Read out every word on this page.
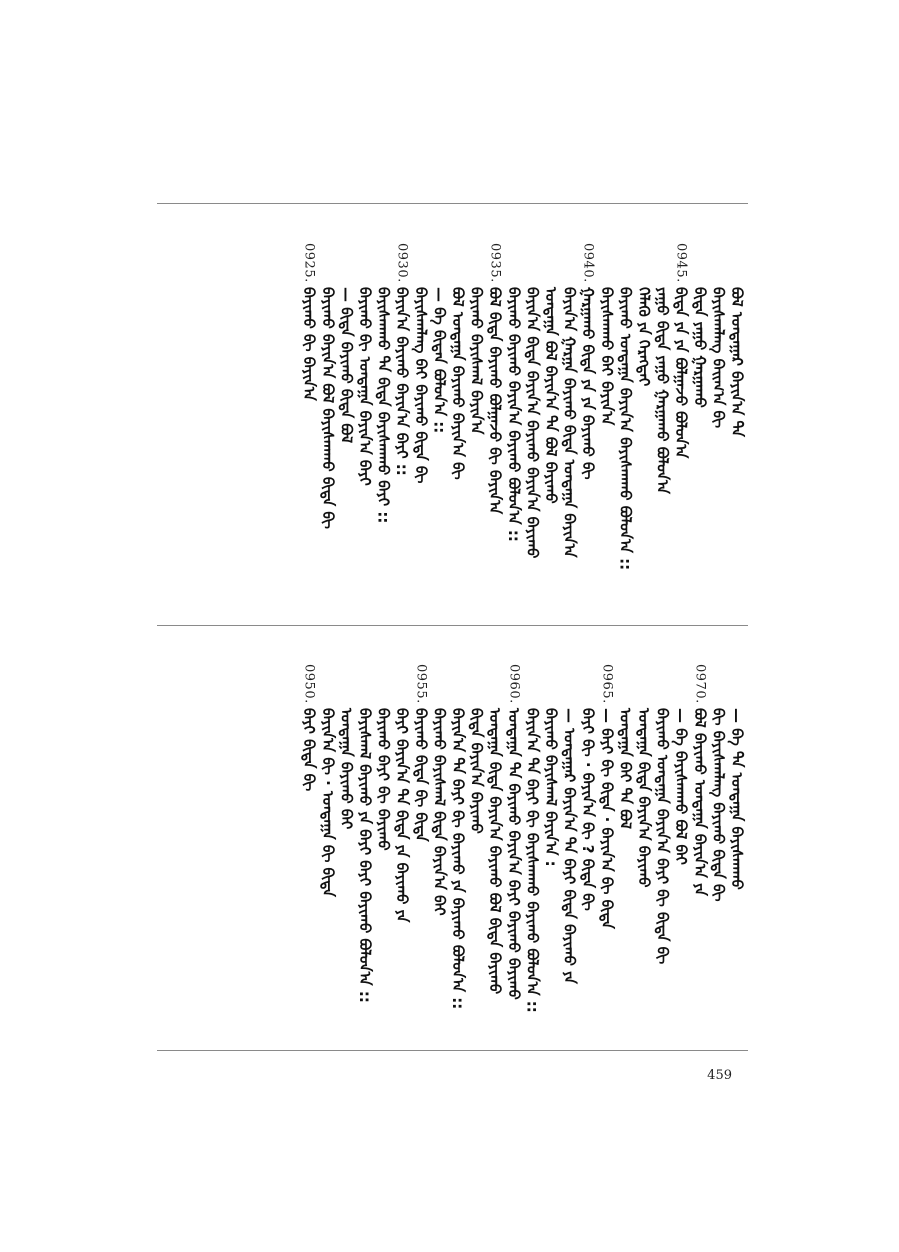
ᠪᠣᠯ ᠤᠨᠲᠠᠭᠠᠷ ᠪᠠᠶᠢᠨ᠎ᠠ ᠲᠡ
ᠪᠠᠶᠢᠰᠬᠠᠯᠠᠩ ᠪᠠᠢᠭ᠎ᠠ ᠪᠢ
ᠪᠢᠳᠡ ᠶᠠᠭᠤ ᠭᠠᠷᠭᠠᠬᠤ
0945.
ᠪᠢᠳᠡ ᠶᠠ ᠶᠠ ᠪᠣᠯᠭᠠᠵᠤ ᠪᠣᠯᠤᠨ᠎ᠠ
ᠶᠠᠭᠤ ᠪᠢᠳᠡ ᠶᠠᠭᠤ ᠭᠠᠷᠭᠠᠬᠤ ᠪᠣᠯᠤᠨ᠎ᠠ
ᠬᠡᠯᠡᠬᠦ ᠶᠠ ᠬᠡᠷᠡᠭᠲᠡᠢ
ᠪᠠᠶᠢᠬᠤ ᠤᠨᠲᠠᠭᠠ ᠪᠠᠶᠢᠨ᠎ᠠ ᠪᠠᠶᠢᠰᠬᠠᠬᠤ ᠪᠣᠯᠤᠨ᠎ᠠ ::
ᠪᠠᠶᠢᠰᠬᠠᠬᠤ ᠪᠠᠢ ᠪᠠᠶᠢᠨ᠎ᠠ
0940.
ᠭᠠᠷᠭᠠᠬᠤ ᠪᠢᠳᠡ ᠶᠠ ᠶᠠ ᠪᠠᠶᠢᠬᠤ ᠪᠢ
ᠪᠠᠶᠢᠨ᠎ᠠ ᠭᠠᠷᠭᠠ ᠪᠠᠶᠢᠬᠤ ᠪᠢᠳᠡ ᠤᠨᠲᠠᠭᠠ ᠪᠠᠶᠢᠨ᠎ᠠ
ᠤᠨᠲᠠᠭᠠ ᠪᠣᠯ ᠪᠠᠶᠢᠨ᠎ᠠ ᠲᠡ ᠪᠣᠯ ᠪᠠᠶᠢᠬᠤ
ᠪᠠᠶᠢᠨ᠎ᠠ ᠪᠢᠳᠡ ᠪᠠᠶᠢᠨ᠎ᠠ ᠪᠠᠶᠢᠬᠤ ᠪᠠᠶᠢᠨ᠎ᠠ ᠪᠠᠶᠢᠬᠤ
ᠪᠠᠶᠢᠬᠤ ᠪᠠᠶᠢᠬᠤ ᠪᠠᠶᠢᠨ᠎ᠠ ᠪᠠᠶᠢᠬᠤ ᠪᠣᠯᠤᠨ᠎ᠠ ::
0935.
ᠪᠣᠯ ᠪᠢᠳᠡ ᠪᠠᠶᠢᠬᠤ ᠪᠣᠯᠭᠠᠵᠤ ᠪᠢ ᠪᠠᠶᠢᠨ᠎ᠠ
ᠪᠠᠶᠢᠬᠤ ᠪᠠᠶᠢᠰᠬᠠᠯ ᠪᠠᠶᠢᠨ᠎ᠠ
ᠪᠣᠯ ᠤᠨᠲᠠᠭᠠ ᠪᠠᠶᠢᠬᠤ ᠪᠠᠶᠢᠨ᠎ᠠ ᠪᠢ
— ᠪᠠ ᠪᠢᠳᠡᠨ ᠪᠣᠯᠤᠨ᠎ᠠ ::
ᠪᠠᠶᠢᠰᠬᠠᠯᠠᠩ ᠪᠠᠢ ᠪᠠᠶᠢᠬᠤ ᠪᠢᠳᠡ ᠪᠢ
0930.
ᠪᠠᠶᠢᠨ᠎ᠠ ᠪᠠᠶᠢᠬᠤ ᠪᠠᠶᠢᠨ᠎ᠠ ᠪᠠᠶᠢ ::
ᠪᠠᠶᠢᠰᠬᠠᠬᠤ ᠲᠡ ᠪᠢᠳᠡ ᠪᠠᠶᠢᠰᠬᠠᠬᠤ ᠪᠠᠶᠢ ::
ᠪᠠᠶᠢᠬᠤ ᠪᠢ ᠤᠨᠲᠠᠭᠠ ᠪᠠᠶᠢᠨ᠎ᠠ ᠪᠠᠶᠢ
— ᠪᠢᠳᠡ ᠪᠠᠶᠢᠬᠤ ᠪᠢᠳᠡ ᠪᠣᠯ
ᠪᠠᠶᠢᠬᠤ ᠪᠠᠶᠢᠨ᠎ᠠ ᠪᠣᠯ ᠪᠠᠶᠢᠰᠬᠠᠬᠤ ᠪᠢᠳᠡ ᠪᠢ
0925.
ᠪᠠᠶᠢᠬᠤ ᠪᠢ ᠪᠠᠶᠢᠨ᠎ᠠ
— ᠪᠠ ᠲᠡ ᠤᠨᠲᠠᠭᠠ ᠪᠠᠶᠢᠰᠬᠠᠬᠤ
ᠪᠢ ᠪᠠᠶᠢᠰᠬᠠᠯᠠᠩ ᠪᠠᠶᠢᠬᠤ ᠪᠢᠳᠡ ᠪᠢ
0970.
ᠪᠣᠯ ᠪᠠᠶᠢᠬᠤ ᠤᠨᠲᠠᠭᠠ ᠪᠠᠶᠢᠨ᠎ᠠ ᠶᠠ
— ᠪᠠ ᠪᠠᠶᠢᠰᠬᠠᠬᠤ ᠪᠣᠯ ᠪᠠᠶ
ᠪᠠᠶᠢᠬᠤ ᠤᠨᠲᠠᠭᠠ ᠪᠠᠶᠢᠨ᠎ᠠ ᠪᠠᠶᠢ ᠪᠢ ᠪᠢᠳᠡ ᠪᠢ
ᠤᠨᠲᠠᠭᠠ ᠪᠢᠳᠡ ᠪᠠᠶᠢᠨ᠎ᠠ ᠪᠠᠶᠢᠬᠤ
ᠤᠨᠲᠠᠭᠠ ᠪᠠᠢ ᠲᠡ ᠪᠣᠯ
0965.
— ᠪᠠᠶᠢ ᠪᠢ ᠪᠢᠳᠡ · ᠪᠠᠶᠢᠨ᠎ᠠ ᠪᠢ ᠪᠢᠳᠡ
ᠪᠠᠶᠢ ᠪᠢ · ᠪᠠᠶᠢᠨ᠎ᠠ ᠪᠢ ? ᠪᠢᠳᠡ ᠪᠢ
— ᠤᠨᠲᠠᠭᠠᠷ ᠪᠠᠶᠢᠨ᠎ᠠ ᠲᠡ ᠪᠠᠶᠢ ᠪᠢᠳᠡ ᠪᠠᠶᠢᠬᠤ ᠶᠠ
ᠪᠠᠶᠢᠬᠤ ᠪᠠᠶᠢᠰᠬᠠᠯ ᠪᠠᠶᠢᠨ᠎ᠠ :
ᠪᠠᠶᠢᠨ᠎ᠠ ᠲᠡ ᠪᠠᠶᠢ ᠪᠢ ᠪᠠᠶᠢᠰᠬᠠᠬᠤ ᠪᠠᠶᠢᠬᠤ ᠪᠣᠯᠤᠨ᠎ᠠ ::
0960.
ᠤᠨᠲᠠᠭᠠ ᠲᠡ ᠪᠠᠶᠢᠬᠤ ᠪᠠᠶᠢᠨ᠎ᠠ ᠪᠠᠶᠢ ᠪᠠᠶᠢᠬᠤ ᠪᠠᠶᠢᠬᠤ
ᠤᠨᠲᠠᠭᠠ ᠪᠢᠳᠡ ᠪᠠᠶᠢᠨ᠎ᠠ ᠪᠠᠶᠢᠬᠤ ᠪᠣᠯ ᠪᠢᠳᠡ ᠪᠠᠶᠢᠬᠤ
ᠪᠢᠳᠡ ᠪᠠᠶᠢᠨ᠎ᠠ ᠪᠠᠶᠢᠬᠤ
ᠪᠠᠶᠢᠨ᠎ᠠ ᠲᠡ ᠪᠠᠶᠢ ᠪᠢ ᠪᠠᠶᠢᠬᠤ ᠶᠠ ᠪᠠᠶᠢᠬᠤ ᠪᠣᠯᠤᠨ᠎ᠠ ::
ᠪᠠᠶᠢᠬᠤ ᠪᠠᠶᠢᠰᠬᠠᠯ ᠪᠢᠳᠡ ᠪᠠᠶᠢᠨ᠎ᠠ ᠪᠠᠶ
0955.
ᠪᠠᠶᠢᠬᠤ ᠪᠢᠳᠡ ᠪᠢ ᠪᠢᠳᠡ
ᠪᠠᠶᠢ ᠪᠠᠶᠢᠨ᠎ᠠ ᠲᠡ ᠪᠢᠳᠡ ᠶᠠ ᠪᠠᠶᠢᠬᠤ ᠶᠠ
ᠪᠠᠶᠢᠬᠤ ᠪᠠᠶᠢ ᠪᠢ ᠪᠠᠶᠢᠬᠤ
ᠪᠠᠶᠢᠰᠬᠠᠯ ᠪᠠᠶᠢᠬᠤ ᠶᠠ ᠪᠠᠶᠢ ᠪᠠᠶᠢ ᠪᠠᠶᠢᠬᠤ ᠪᠣᠯᠤᠨ᠎ᠠ ::
ᠤᠨᠲᠠᠭᠠ ᠪᠠᠶᠢᠬᠤ ᠪᠠᠶ
ᠪᠠᠶᠢᠨ᠎ᠠ ᠪᠢ · ᠤᠨᠲᠠᠭᠠ ᠪᠢ ᠪᠢᠳᠡ
0950.
ᠪᠠᠶᠢ ᠪᠢᠳᠡ ᠪᠢ
459
